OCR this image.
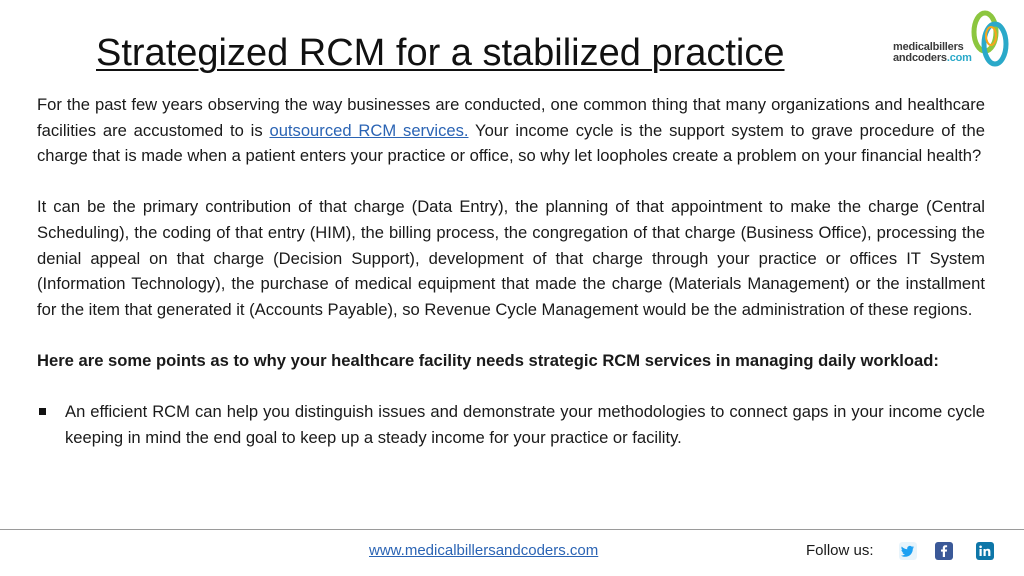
Strategized RCM for a stabilized practice	medicalbillers
andcoders.com

For the past few years observing the way businesses are conducted, one common thing that many organizations and healthcare facilities are accustomed to is outsourced RCM services. Your income cycle is the support system to grave procedure of the charge that is made when a patient enters your practice or office, so why let loopholes create a problem on your financial health?

It can be the primary contribution of that charge (Data Entry), the planning of that appointment to make the charge (Central Scheduling), the coding of that entry (HIM), the billing process, the congregation of that charge (Business Office), processing the denial appeal on that charge (Decision Support), development of that charge through your practice or offices IT System (Information Technology), the purchase of medical equipment that made the charge (Materials Management) or the installment for the item that generated it (Accounts Payable), so Revenue Cycle Management would be the administration of these regions.

Here are some points as to why your healthcare facility needs strategic RCM services in managing daily workload:

An efficient RCM can help you distinguish issues and demonstrate your methodologies to connect gaps in your income cycle keeping in mind the end goal to keep up a steady income for your practice or facility.
www.medicalbillersandcoders.com	Follow us:
